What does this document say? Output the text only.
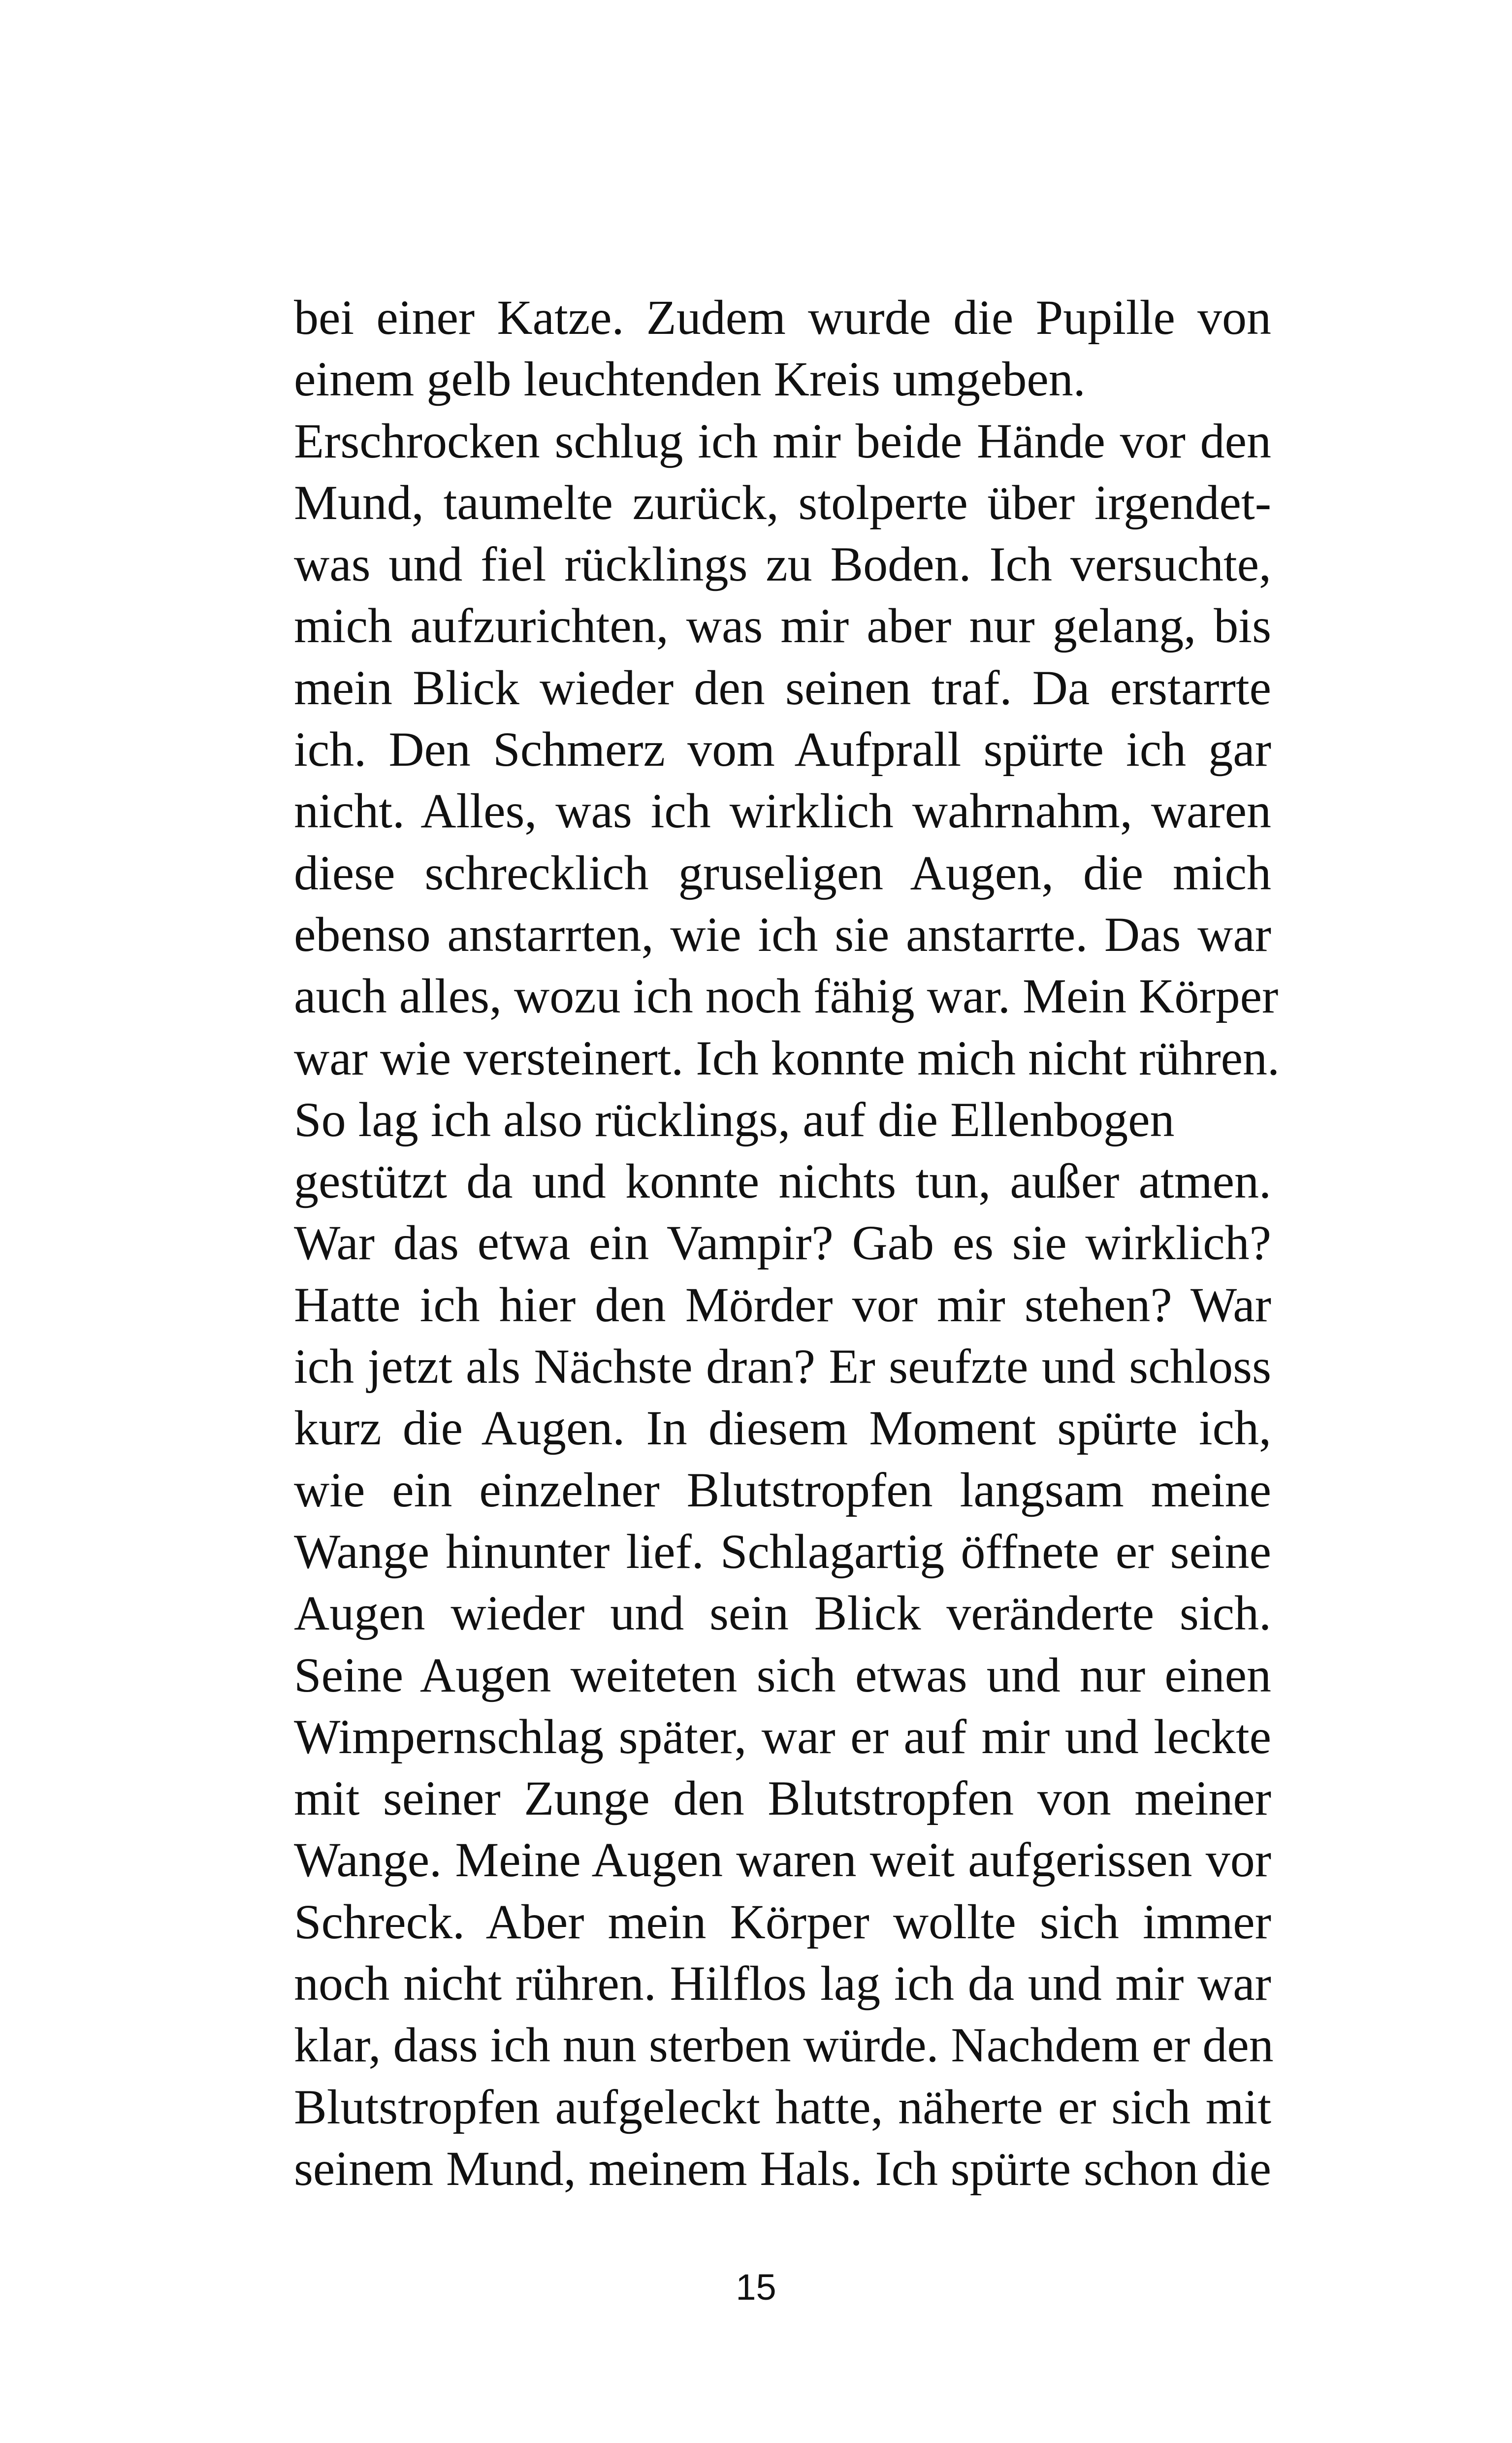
bei einer Katze. Zudem wurde die Pupille von
einem gelb leuchtenden Kreis umgeben.
Erschrocken schlug ich mir beide Hände vor den
Mund, taumelte zurück, stolperte über irgendet-
was und fiel rücklings zu Boden. Ich versuchte,
mich aufzurichten, was mir aber nur gelang, bis
mein Blick wieder den seinen traf. Da erstarrte
ich. Den Schmerz vom Aufprall spürte ich gar
nicht. Alles, was ich wirklich wahrnahm, waren
diese schrecklich gruseligen Augen, die mich
ebenso anstarrten, wie ich sie anstarrte. Das war
auch alles, wozu ich noch fähig war. Mein Körper
war wie versteinert. Ich konnte mich nicht rühren.
So lag ich also rücklings, auf die Ellenbogen
gestützt da und konnte nichts tun, außer atmen.
War das etwa ein Vampir? Gab es sie wirklich?
Hatte ich hier den Mörder vor mir stehen? War
ich jetzt als Nächste dran? Er seufzte und schloss
kurz die Augen. In diesem Moment spürte ich,
wie ein einzelner Blutstropfen langsam meine
Wange hinunter lief. Schlagartig öffnete er seine
Augen wieder und sein Blick veränderte sich.
Seine Augen weiteten sich etwas und nur einen
Wimpernschlag später, war er auf mir und leckte
mit seiner Zunge den Blutstropfen von meiner
Wange. Meine Augen waren weit aufgerissen vor
Schreck. Aber mein Körper wollte sich immer
noch nicht rühren. Hilflos lag ich da und mir war
klar, dass ich nun sterben würde. Nachdem er den
Blutstropfen aufgeleckt hatte, näherte er sich mit
seinem Mund, meinem Hals. Ich spürte schon die
15
